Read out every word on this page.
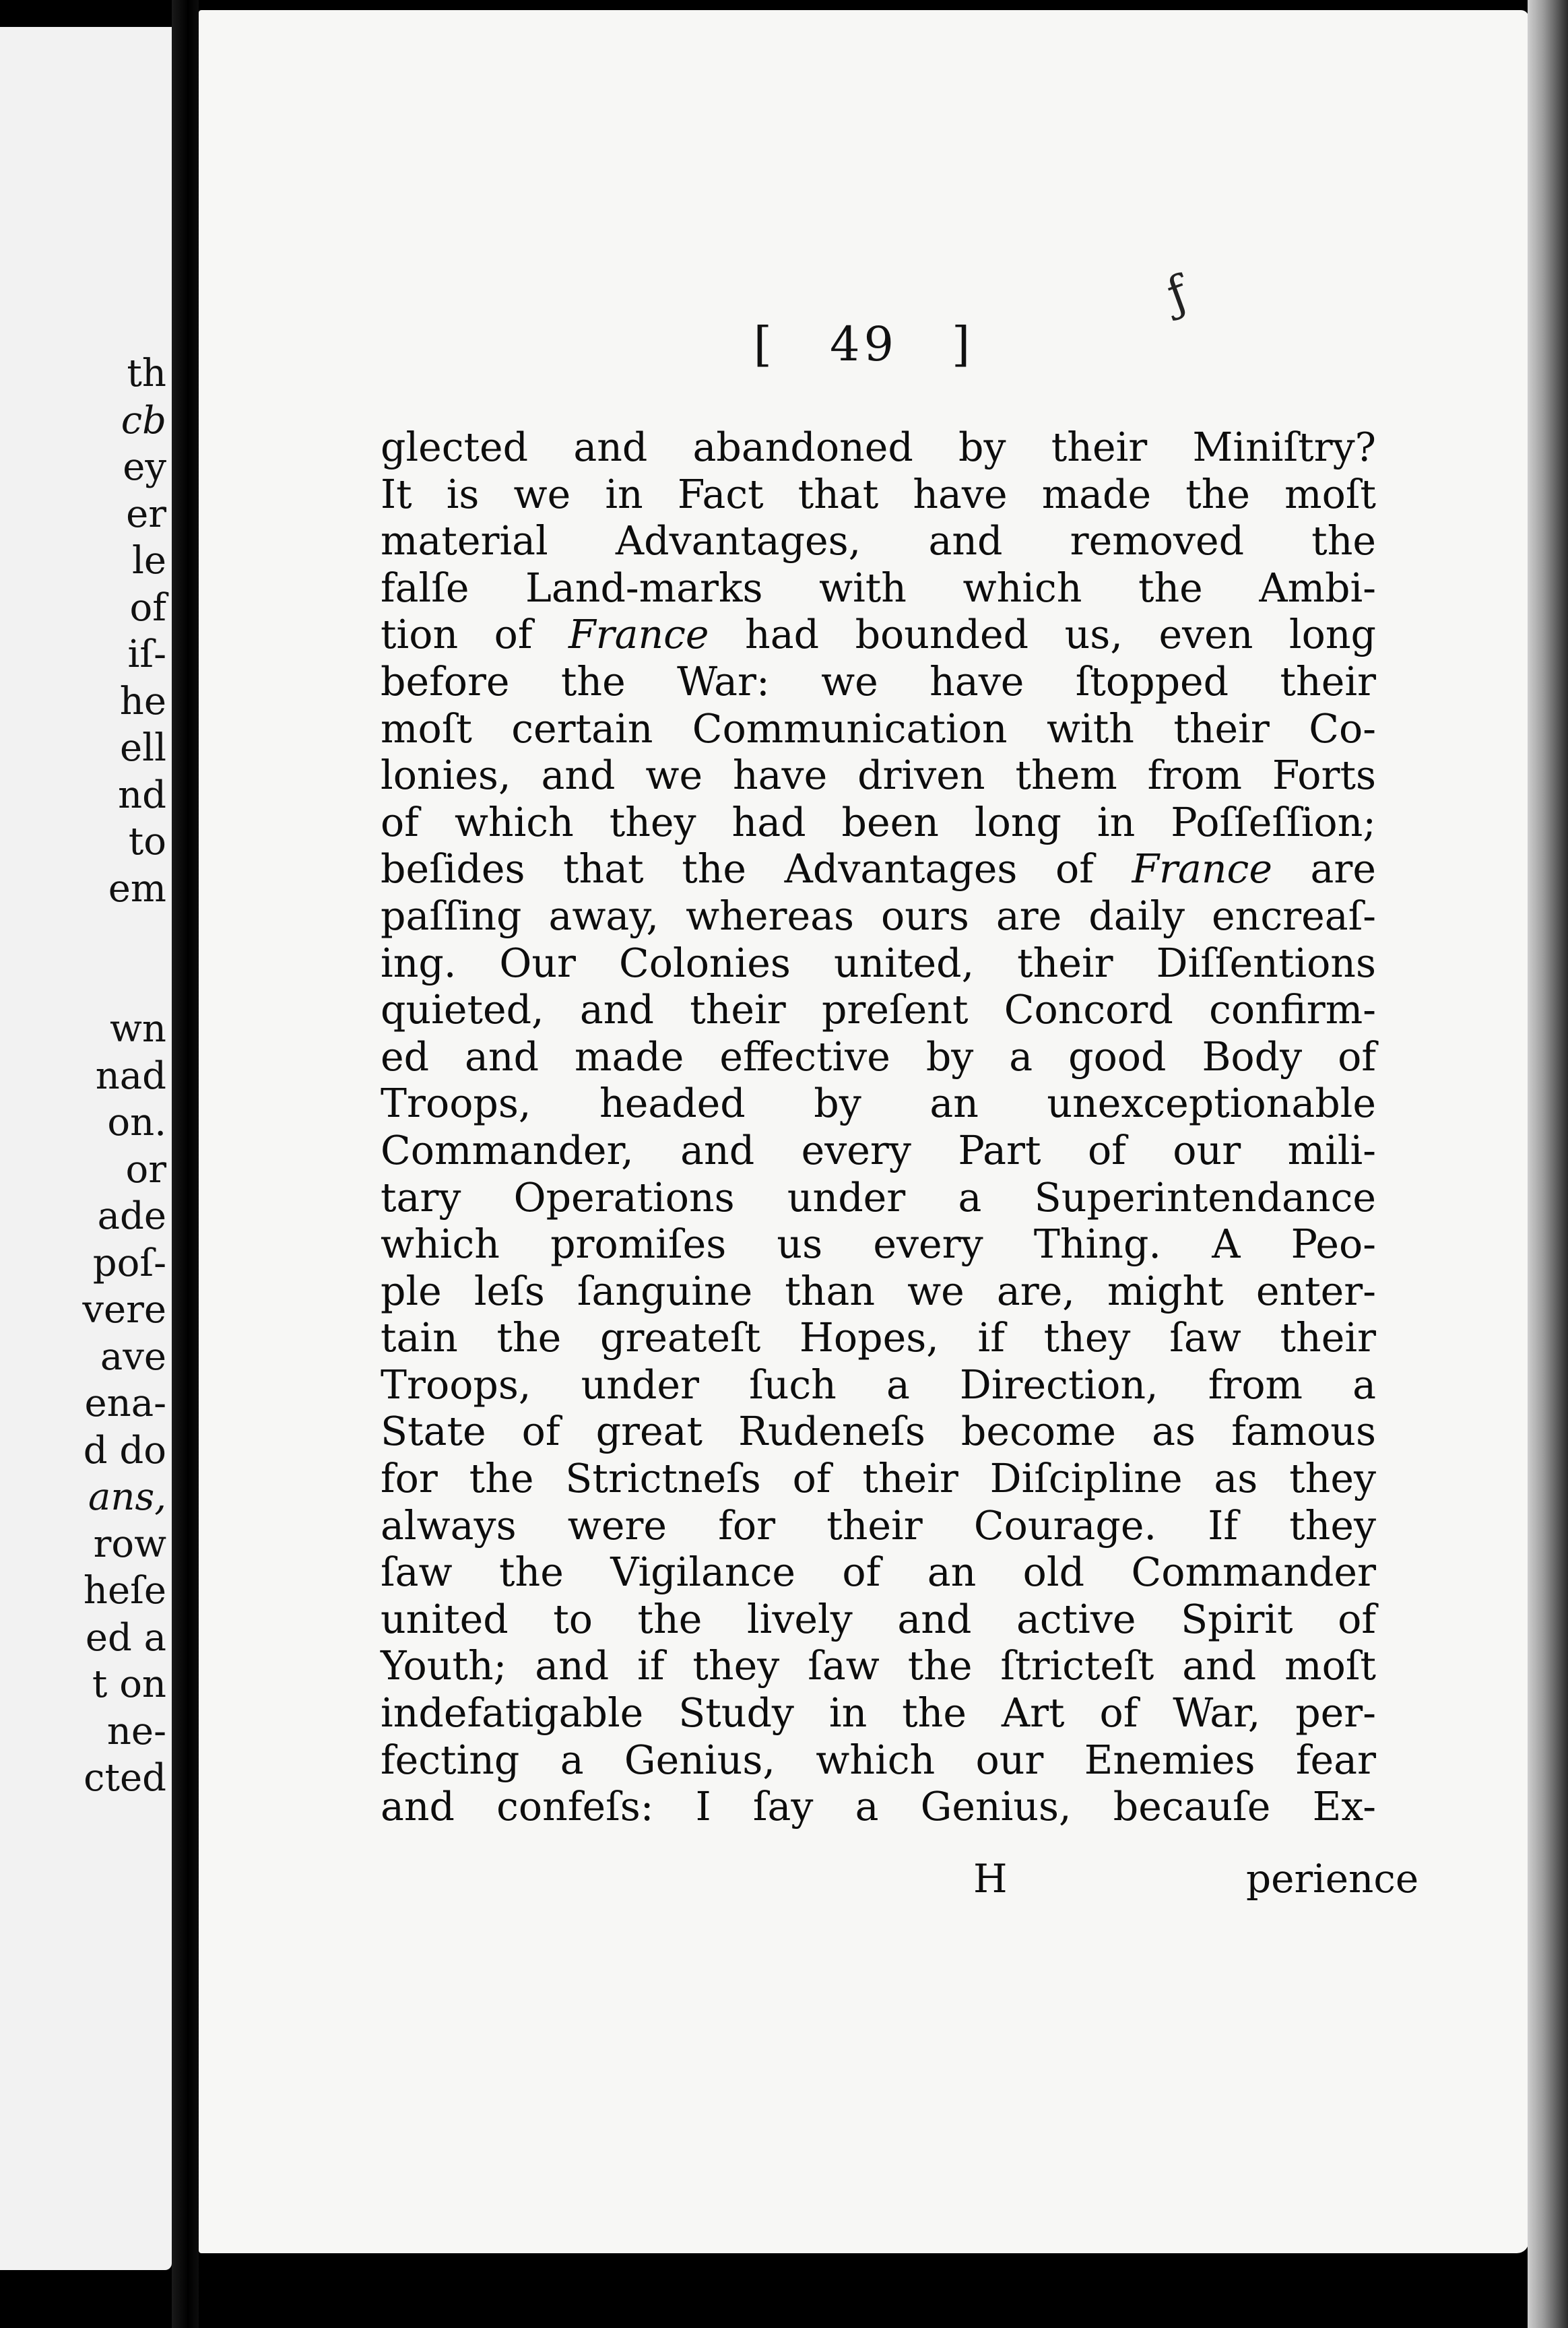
th
cb
ey
er
le
of
iſ-
he
ell
nd
to
em
wn
nad
on.
or
ade
poſ-
vere
ave
ena-
d do
ans,
row
heſe
ed a
t on
ne-
cted
ƒ
[ 49 ]
glected and abandoned by their Miniſtry?
It is we in Fact that have made the moſt
material Advantages, and removed the
falſe Land-marks with which the Ambi-
tion of France had bounded us, even long
before the War: we have ſtopped their
moſt certain Communication with their Co-
lonies, and we have driven them from Forts
of which they had been long in Poſſeſſion;
beſides that the Advantages of France are
paſſing away, whereas ours are daily encreaſ-
ing. Our Colonies united, their Diſſentions
quieted, and their preſent Concord confirm-
ed and made effective by a good Body of
Troops, headed by an unexceptionable
Commander, and every Part of our mili-
tary Operations under a Superintendance
which promiſes us every Thing. A Peo-
ple leſs ſanguine than we are, might enter-
tain the greateſt Hopes, if they ſaw their
Troops, under ſuch a Direction, from a
State of great Rudeneſs become as famous
for the Strictneſs of their Diſcipline as they
always were for their Courage. If they
ſaw the Vigilance of an old Commander
united to the lively and active Spirit of
Youth; and if they ſaw the ſtricteſt and moſt
indefatigable Study in the Art of War, per-
fecting a Genius, which our Enemies fear
and confeſs: I ſay a Genius, becauſe Ex-
H	perience
